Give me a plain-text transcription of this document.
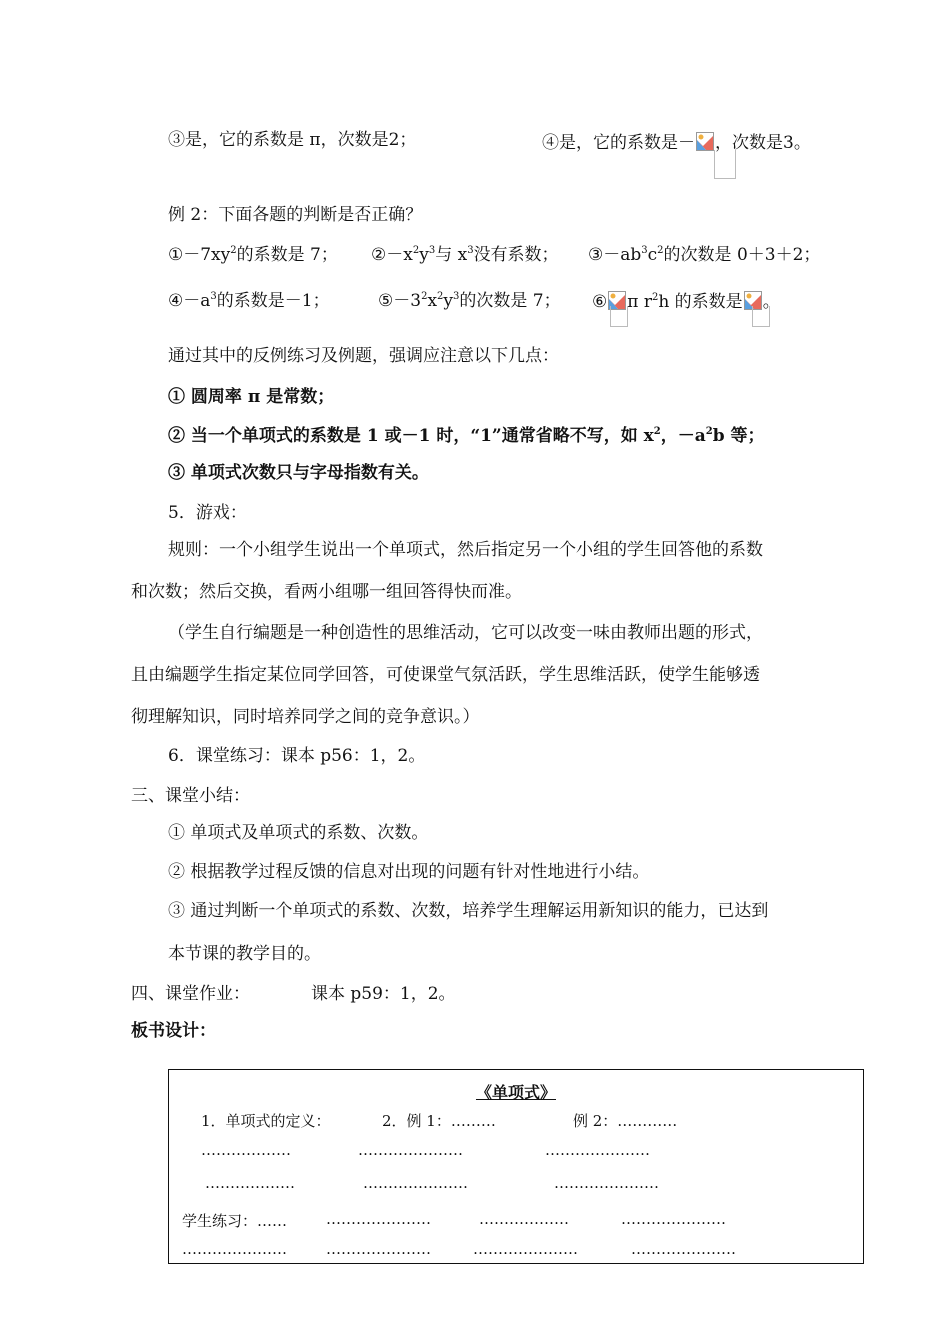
③是，它的系数是 π，次数是2；	④是，它的系数是－ ，次数是3。
例 2：下面各题的判断是否正确？
$①-7xy^2$的系数是 7； $②-x^2y^3$与 $x^3$没有系数； $③-ab^3c^2$的次数是 0＋3＋2；
$④-a^3$的系数是－1；	$⑤-3^2x^2y^3$的次数是 7； ⑥ π $r^2h$ 的系数是 。
通过其中的反例练习及例题，强调应注意以下几点：
① 圆周率 π 是常数；
② 当一个单项式的系数是 1 或－1 时，“1”通常省略不写，如 $x^2$，$-a^2b$ 等；
③ 单项式次数只与字母指数有关。
5．游戏：
规则：一个小组学生说出一个单项式，然后指定另一个小组的学生回答他的系数
和次数；然后交换，看两小组哪一组回答得快而准。
（学生自行编题是一种创造性的思维活动，它可以改变一味由教师出题的形式，
且由编题学生指定某位同学回答，可使课堂气氛活跃，学生思维活跃，使学生能够透
彻理解知识，同时培养同学之间的竞争意识。）
6．课堂练习：课本 p56：1，2。
三、课堂小结：
① 单项式及单项式的系数、次数。
② 根据教学过程反馈的信息对出现的问题有针对性地进行小结。
③ 通过判断一个单项式的系数、次数，培养学生理解运用新知识的能力，已达到
本节课的教学目的。
四、课堂作业：	课本 p59：1，2。
板书设计：
《单项式》
1．单项式的定义：	2．例 1：………	例 2：…………
………………	…………………	…………………
………………	…………………	…………………
学生练习：……	…………………	………………	…………………
…………………	…………………	…………………	…………………
